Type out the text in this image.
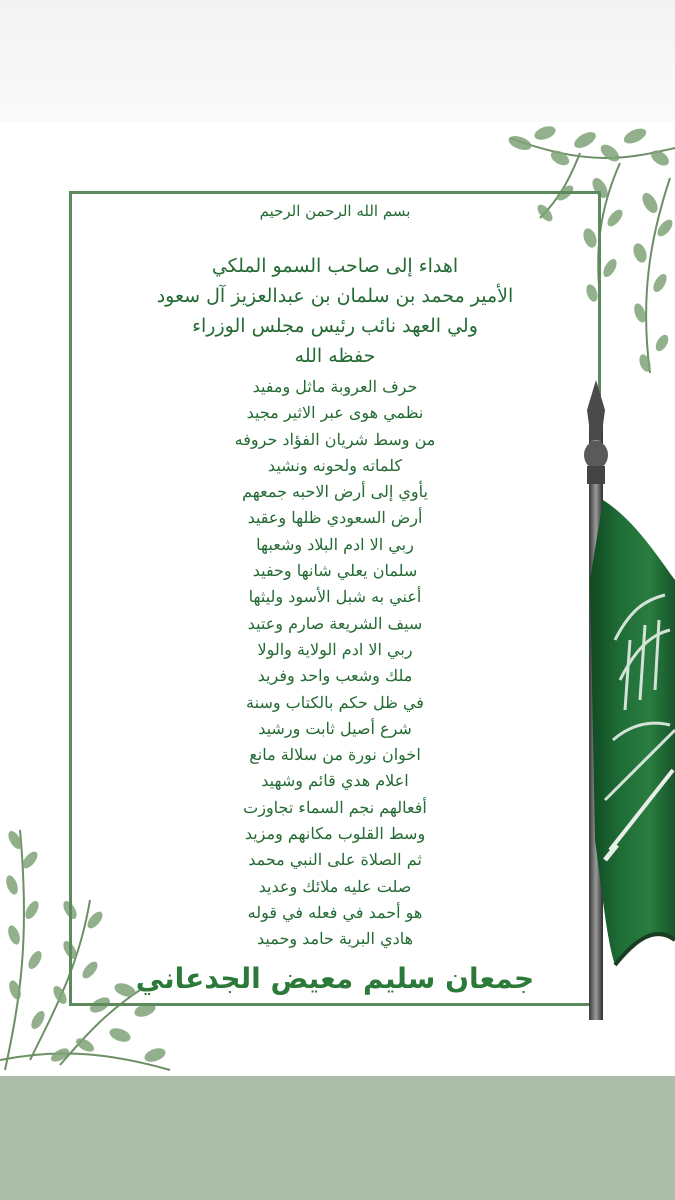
بسم الله الرحمن الرحيم
اهداء إلى صاحب السمو الملكي
الأمير محمد بن سلمان بن عبدالعزيز آل سعود
ولي العهد نائب رئيس مجلس الوزراء
حفظه الله
حرف العروبة ماثل ومفيد
نظمي هوى عبر الاثير مجيد
من وسط شريان الفؤاد حروفه
كلماته ولحونه ونشيد
يأوي إلى أرض الاحبه جمعهم
أرض السعودي ظلها وعقيد
ربي الا ادم البلاد وشعبها
سلمان يعلي شانها وحفيد
أعني به شبل الأسود وليثها
سيف الشريعة صارم وعتيد
ربي الا ادم الولاية والولا
ملك وشعب واحد وفريد
في ظل حكم بالكتاب وسنة
شرع أصيل ثابت ورشيد
اخوان نورة من سلالة مانع
اعلام هدي قائم وشهيد
أفعالهم نجم السماء تجاوزت
وسط القلوب مكانهم ومزيد
ثم الصلاة على النبي محمد
صلت عليه ملائك وعديد
هو أحمد في فعله في قوله
هادي البرية حامد وحميد
جمعان سليم معيض الجدعاني
